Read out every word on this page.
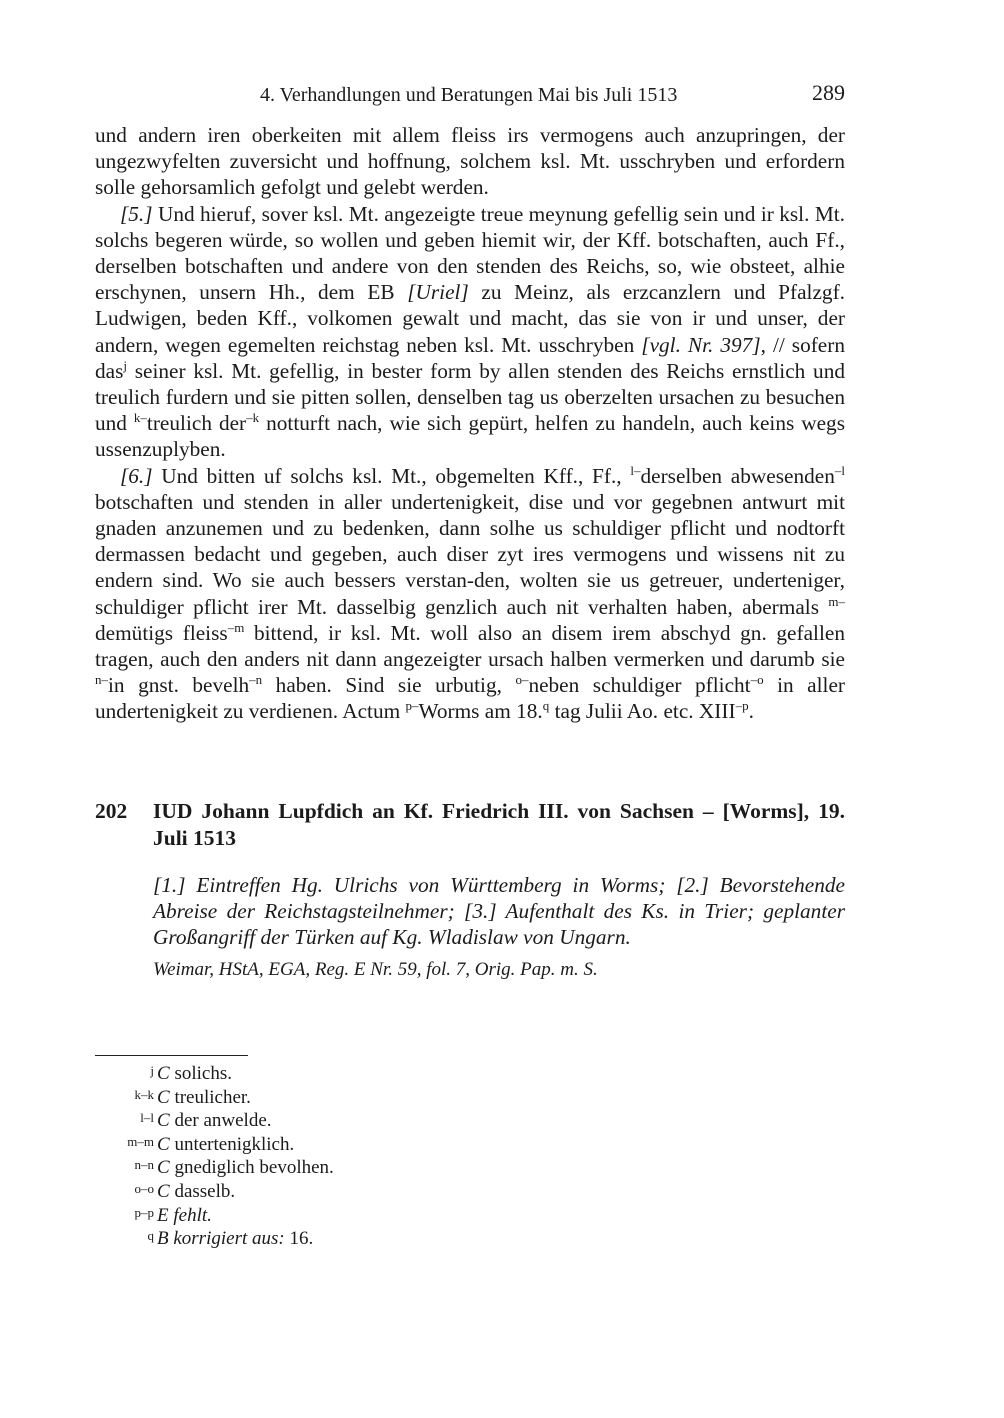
4. Verhandlungen und Beratungen Mai bis Juli 1513	289

und andern iren oberkeiten mit allem fleiss irs vermogens auch anzupringen, der ungezwyfelten zuversicht und hoffnung, solchem ksl. Mt. usschryben und erfordern solle gehorsamlich gefolgt und gelebt werden.

[5.] Und hieruf, sover ksl. Mt. angezeigte treue meynung gefellig sein und ir ksl. Mt. solchs begeren würde, so wollen und geben hiemit wir, der Kff. botschaften, auch Ff., derselben botschaften und andere von den stenden des Reichs, so, wie obsteet, alhie erschynen, unsern Hh., dem EB [Uriel] zu Meinz, als erzcanzlern und Pfalzgf. Ludwigen, beden Kff., volkomen gewalt und macht, das sie von ir und unser, der andern, wegen egemelten reichstag neben ksl. Mt. usschryben [vgl. Nr. 397], // sofern das$^j$ seiner ksl. Mt. gefellig, in bester form by allen stenden des Reichs ernstlich und treulich furdern und sie pitten sollen, denselben tag us oberzelten ursachen zu besuchen und $^{k-}$treulich der$^{-k}$ notturft nach, wie sich gepürt, helfen zu handeln, auch keins wegs ussenzuplyben.

[6.] Und bitten uf solchs ksl. Mt., obgemelten Kff., Ff., $^{l-}$derselben abwesenden$^{-l}$ botschaften und stenden in aller undertenigkeit, dise und vor gegebnen antwurt mit gnaden anzunemen und zu bedenken, dann solhe us schuldiger pflicht und nodtorft dermassen bedacht und gegeben, auch diser zyt ires vermogens und wissens nit zu endern sind. Wo sie auch bessers verstan-den, wolten sie us getreuer, underteniger, schuldiger pflicht irer Mt. dasselbig genzlich auch nit verhalten haben, abermals $^{m-}$demütigs fleiss$^{-m}$ bittend, ir ksl. Mt. woll also an disem irem abschyd gn. gefallen tragen, auch den anders nit dann angezeigter ursach halben vermerken und darumb sie $^{n-}$in gnst. bevelh$^{-n}$ haben. Sind sie urbutig, $^{o-}$neben schuldiger pflicht$^{-o}$ in aller undertenigkeit zu verdienen. Actum $^{p-}$Worms am 18.$^q$ tag Julii Ao. etc. $XIII^{-p}$.

202 IUD Johann Lupfdich an Kf. Friedrich III. von Sachsen – [Worms], 19. Juli 1513
[1.] Eintreffen Hg. Ulrichs von Württemberg in Worms; [2.] Bevorstehende Abreise der Reichstagsteilnehmer; [3.] Aufenthalt des Ks. in Trier; geplanter Großangriff der Türken auf Kg. Wladislaw von Ungarn.
Weimar, HStA, EGA, Reg. E Nr. 59, fol. 7, Orig. Pap. m. S.
j C solichs.
k–k C treulicher.
l–l C der anwelde.
m–m C untertenigklich.
n–n C gnediglich bevolhen.
o–o C dasselb.
p–p E fehlt.
q B korrigiert aus: 16.
